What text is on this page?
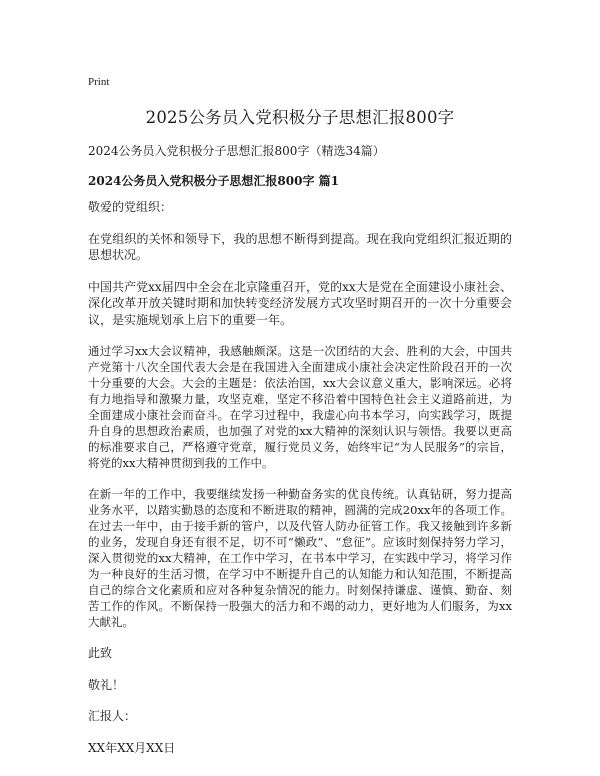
Print
2025公务员入党积极分子思想汇报800字
2024公务员入党积极分子思想汇报800字（精选34篇）
2024公务员入党积极分子思想汇报800字 篇1

敬爱的党组织：

在党组织的关怀和领导下，我的思想不断得到提高。现在我向党组织汇报近期的思想状况。

中国共产党xx届四中全会在北京隆重召开，党的xx大是党在全面建设小康社会、深化改革开放关键时期和加快转变经济发展方式攻坚时期召开的一次十分重要会议，是实施规划承上启下的重要一年。

通过学习xx大会议精神，我感触颇深。这是一次团结的大会、胜利的大会，中国共产党第十八次全国代表大会是在我国进入全面建成小康社会决定性阶段召开的一次十分重要的大会。大会的主题是：依法治国，xx大会议意义重大，影响深远。必将有力地指导和激聚力量，攻坚克难，坚定不移沿着中国特色社会主义道路前进，为全面建成小康社会而奋斗。在学习过程中，我虚心向书本学习，向实践学习，既提升自身的思想政治素质，也加强了对党的xx大精神的深刻认识与领悟。我要以更高的标准要求自己，严格遵守党章，履行党员义务，始终牢记“为人民服务”的宗旨，将党的xx大精神贯彻到我的工作中。

在新一年的工作中，我要继续发扬一种勤奋务实的优良传统。认真钻研，努力提高业务水平，以踏实勤恳的态度和不断进取的精神，圆满的完成20xx年的各项工作。在过去一年中，由于接手新的管户，以及代管人防办征管工作。我又接触到许多新的业务，发现自身还有很不足，切不可“懒政”、“怠征”。应该时刻保持努力学习，深入贯彻党的xx大精神，在工作中学习，在书本中学习，在实践中学习，将学习作为一种良好的生活习惯，在学习中不断提升自己的认知能力和认知范围，不断提高自己的综合文化素质和应对各种复杂情况的能力。时刻保持谦虚、谨慎、勤奋、刻苦工作的作风。不断保持一股强大的活力和不竭的动力，更好地为人们服务，为xx大献礼。

此致

敬礼！

汇报人：

XX年XX月XX日
